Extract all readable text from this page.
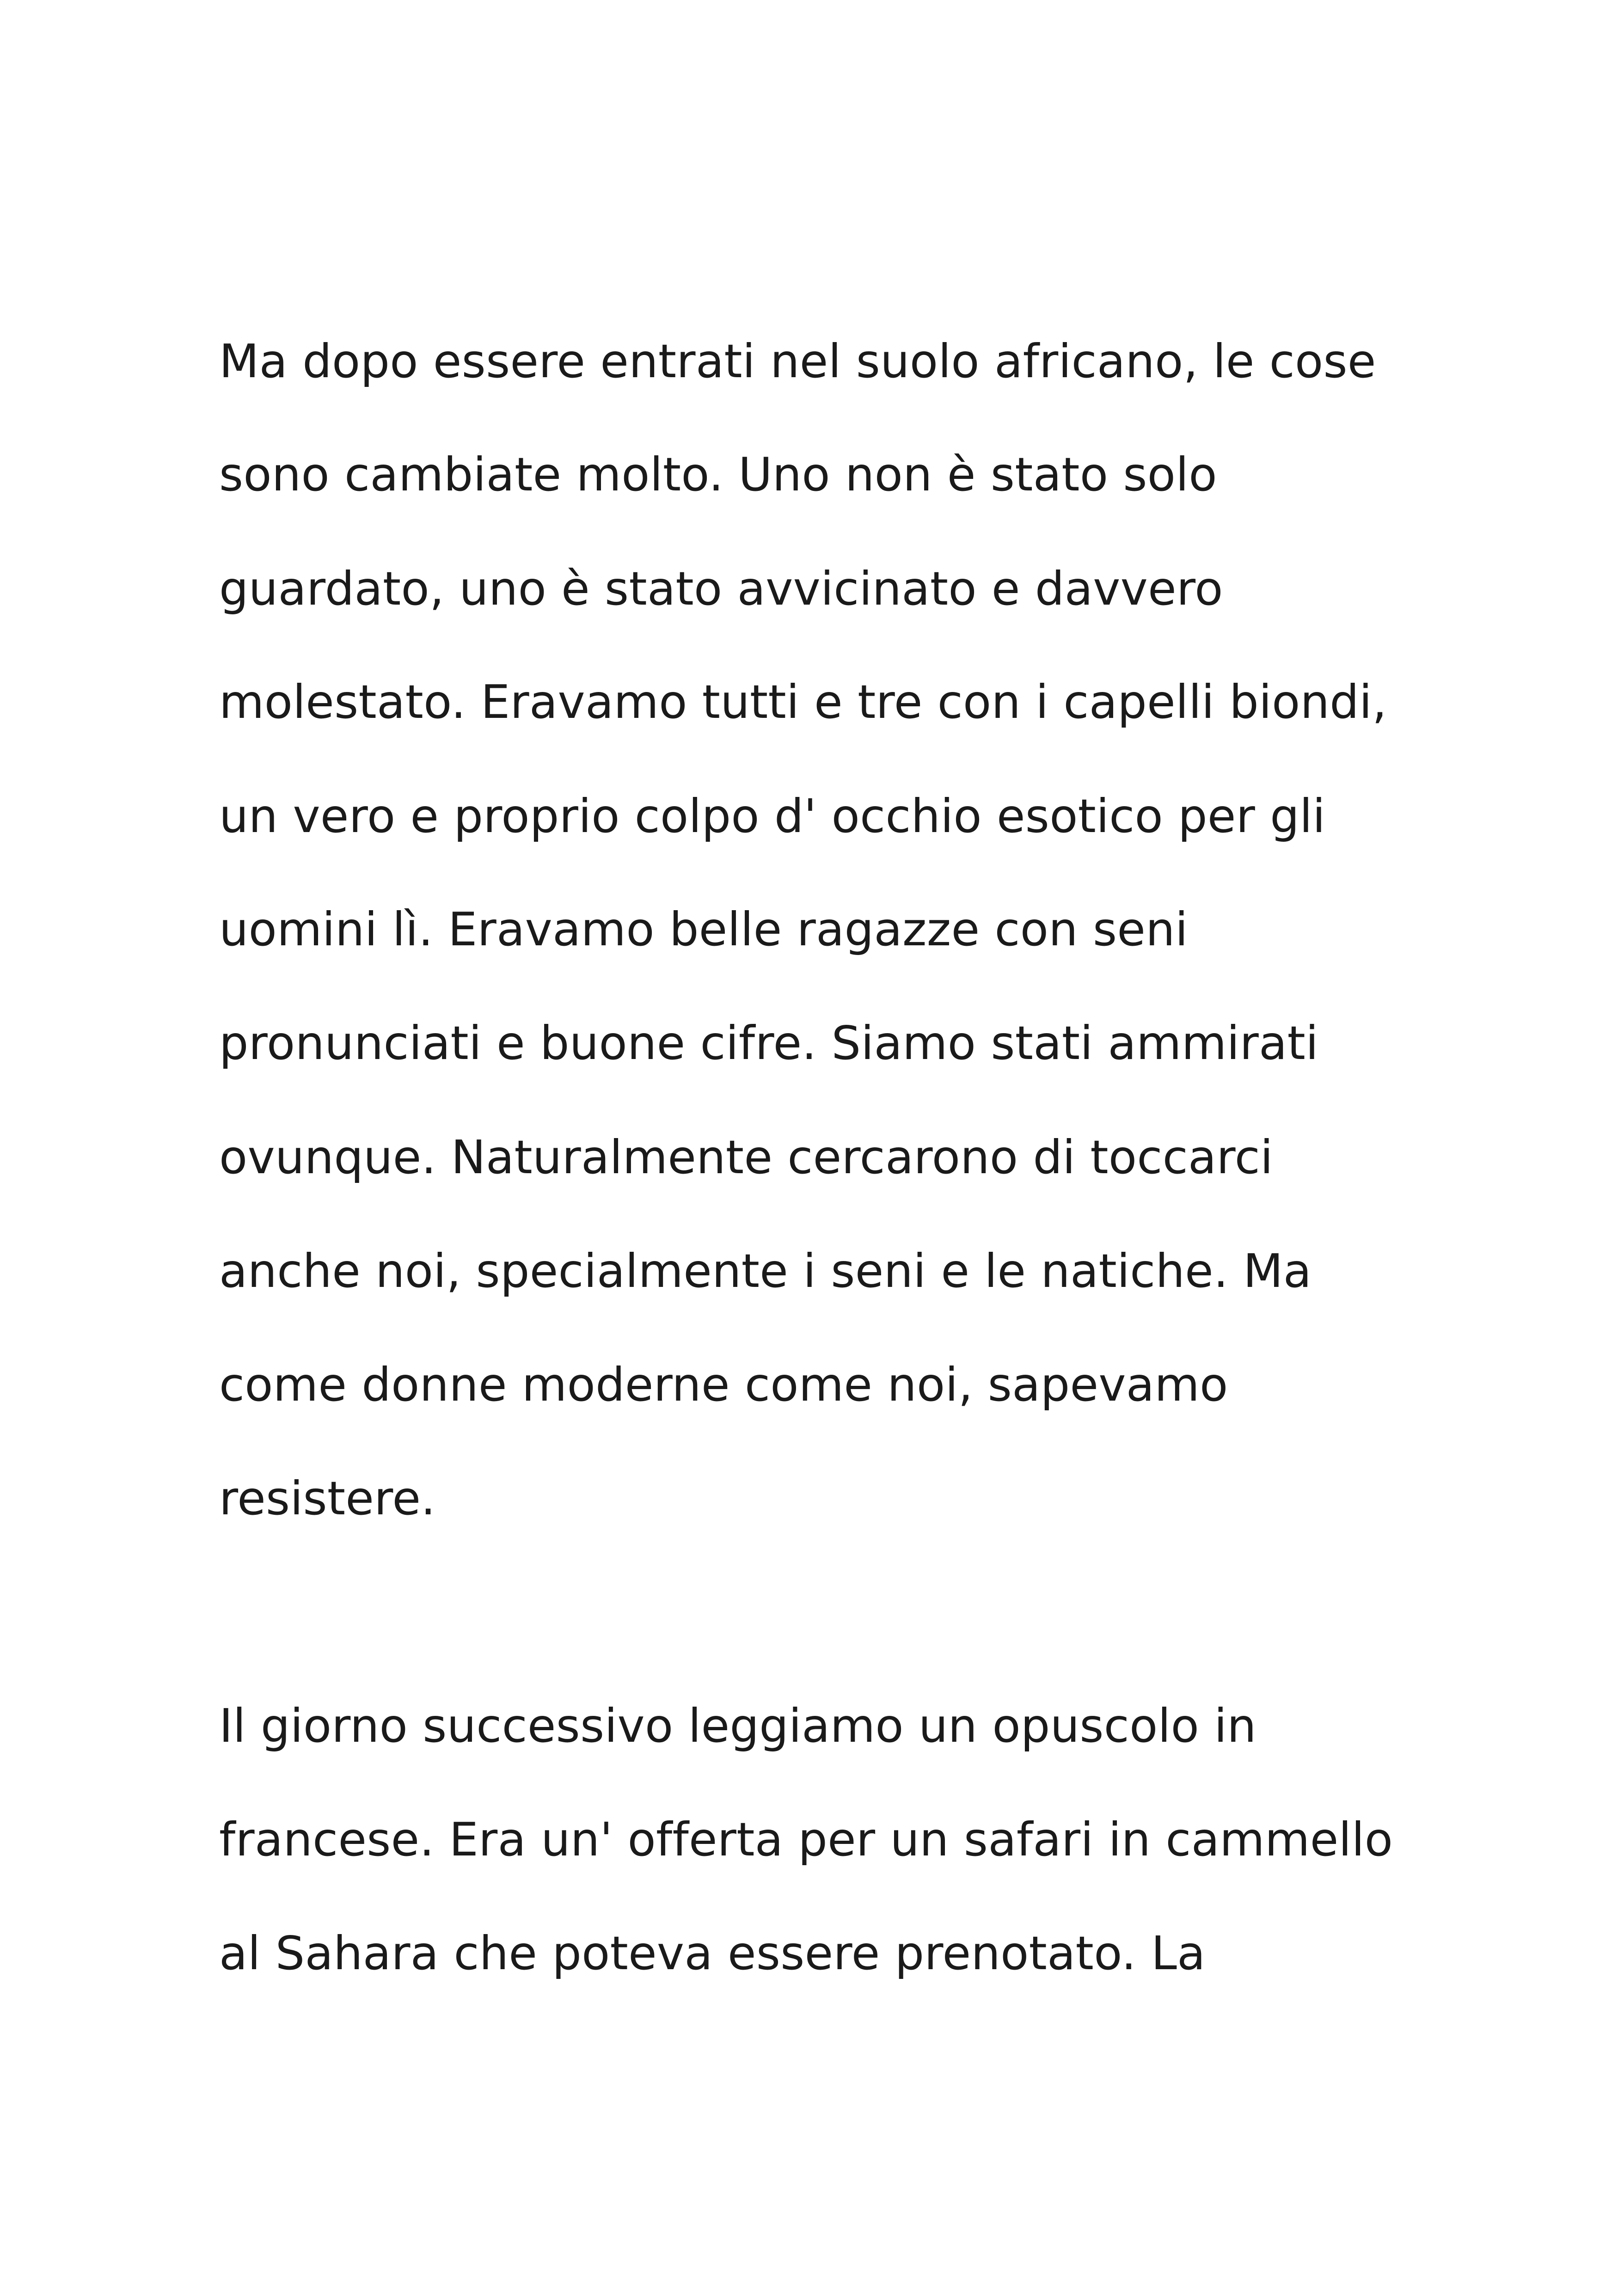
Ma dopo essere entrati nel suolo africano, le cose

sono cambiate molto. Uno non è stato solo

guardato, uno è stato avvicinato e davvero

molestato. Eravamo tutti e tre con i capelli biondi,

un vero e proprio colpo d' occhio esotico per gli

uomini lì. Eravamo belle ragazze con seni

pronunciati e buone cifre. Siamo stati ammirati

ovunque. Naturalmente cercarono di toccarci

anche noi, specialmente i seni e le natiche. Ma

come donne moderne come noi, sapevamo

resistere.

Il giorno successivo leggiamo un opuscolo in

francese. Era un' offerta per un safari in cammello

al Sahara che poteva essere prenotato. La
